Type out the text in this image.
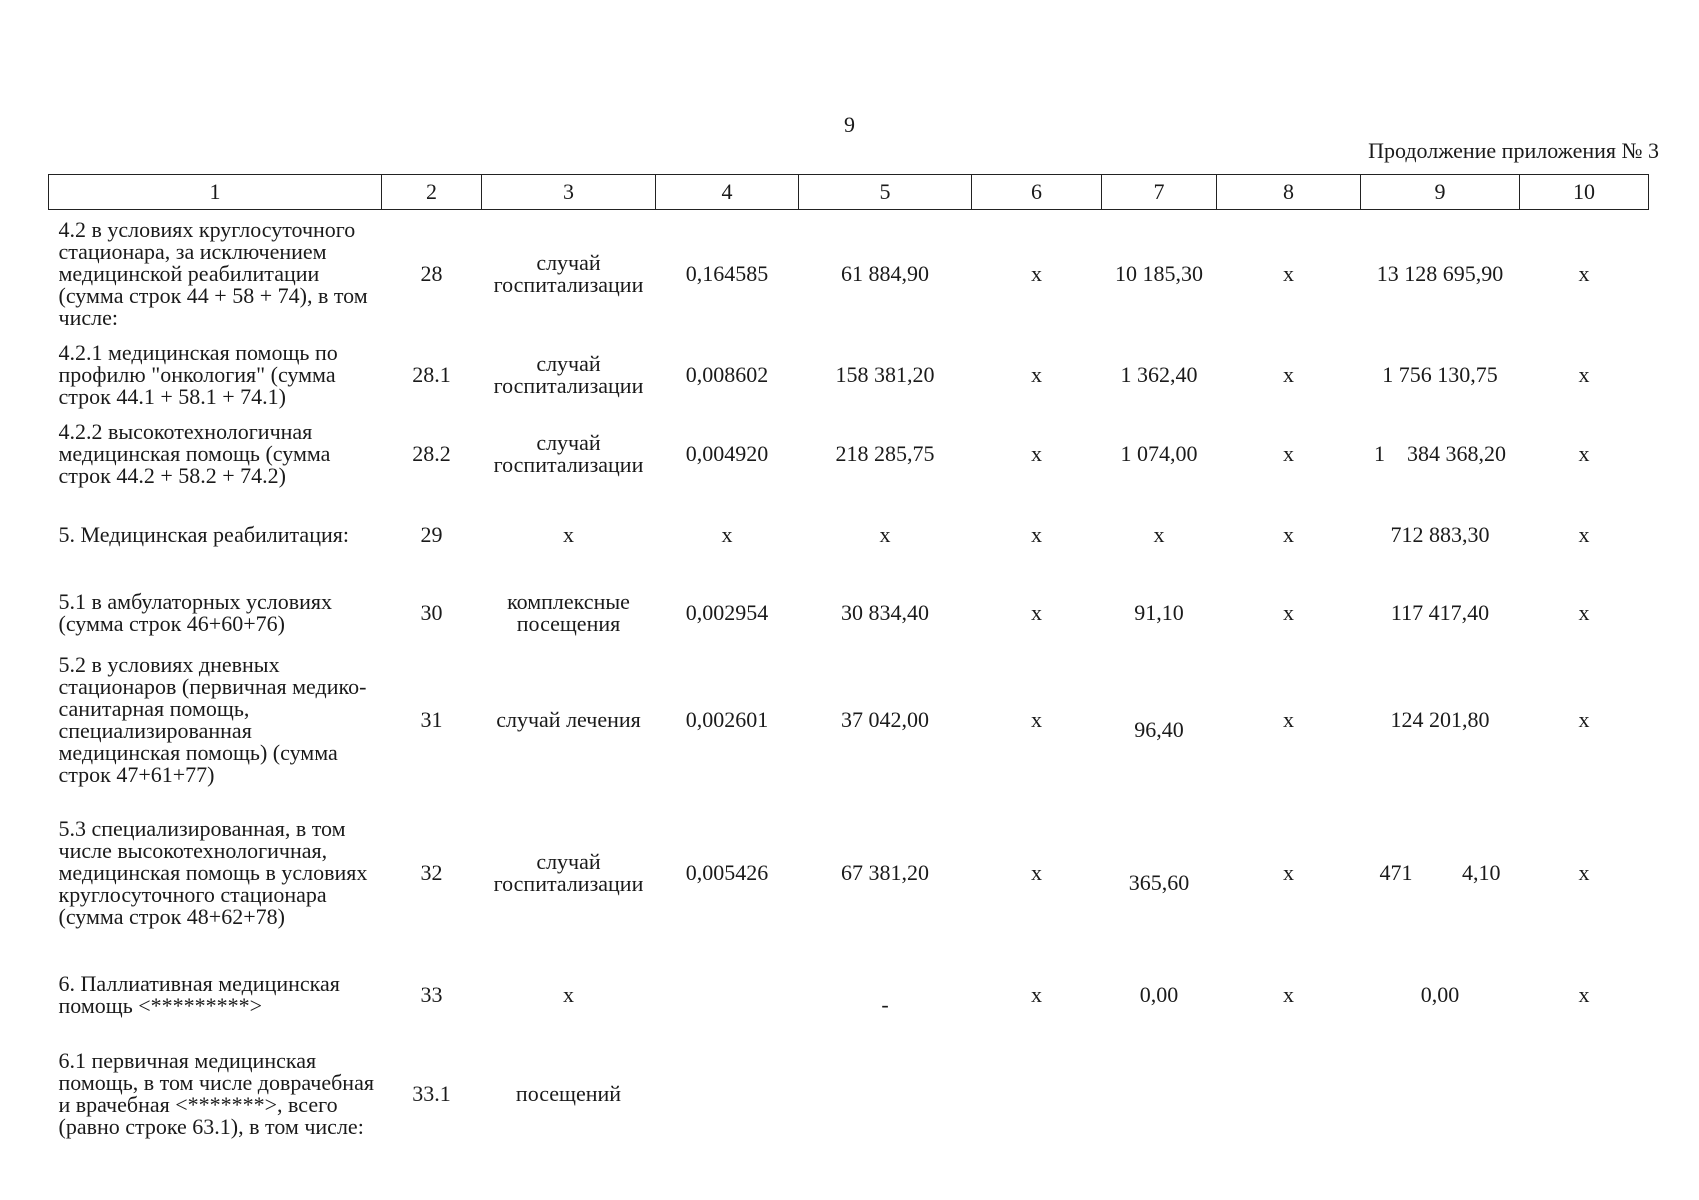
9
Продолжение приложения № 3
1	2	3	4	5	6	7	8	9	10
4.2 в условиях круглосуточного стационара, за исключением медицинской реабилитации (сумма строк 44 + 58 + 74), в том числе:	28	случай госпитализации	0,164585	61 884,90	х	10 185,30	х	13 128 695,90	х
4.2.1 медицинская помощь по профилю "онкология" (сумма строк 44.1 + 58.1 + 74.1)	28.1	случай госпитализации	0,008602	158 381,20	х	1 362,40	х	1 756 130,75	х
4.2.2 высокотехнологичная медицинская помощь (сумма строк 44.2 + 58.2 + 74.2)	28.2	случай госпитализации	0,004920	218 285,75	х	1 074,00	х	1    384 368,20	х
5. Медицинская реабилитация:	29	х	х	х	х	х	х	712 883,30	х
5.1 в амбулаторных условиях (сумма строк 46+60+76)	30	комплексные посещения	0,002954	30 834,40	х	91,10	х	117 417,40	х
5.2 в условиях дневных стационаров (первичная медико-санитарная помощь, специализированная медицинская помощь) (сумма строк 47+61+77)	31	случай лечения	0,002601	37 042,00	х	96,40	х	124 201,80	х
5.3 специализированная, в том числе высокотехнологичная, медицинская помощь в условиях круглосуточного стационара (сумма строк 48+62+78)	32	случай госпитализации	0,005426	67 381,20	х	365,60	х	471         4,10	х
6. Паллиативная медицинская помощь <*********>	33	х		-	х	0,00	х	0,00	х
6.1 первичная медицинская помощь, в том числе доврачебная и врачебная <*******>, всего (равно строке 63.1), в том числе:	33.1	посещений							
